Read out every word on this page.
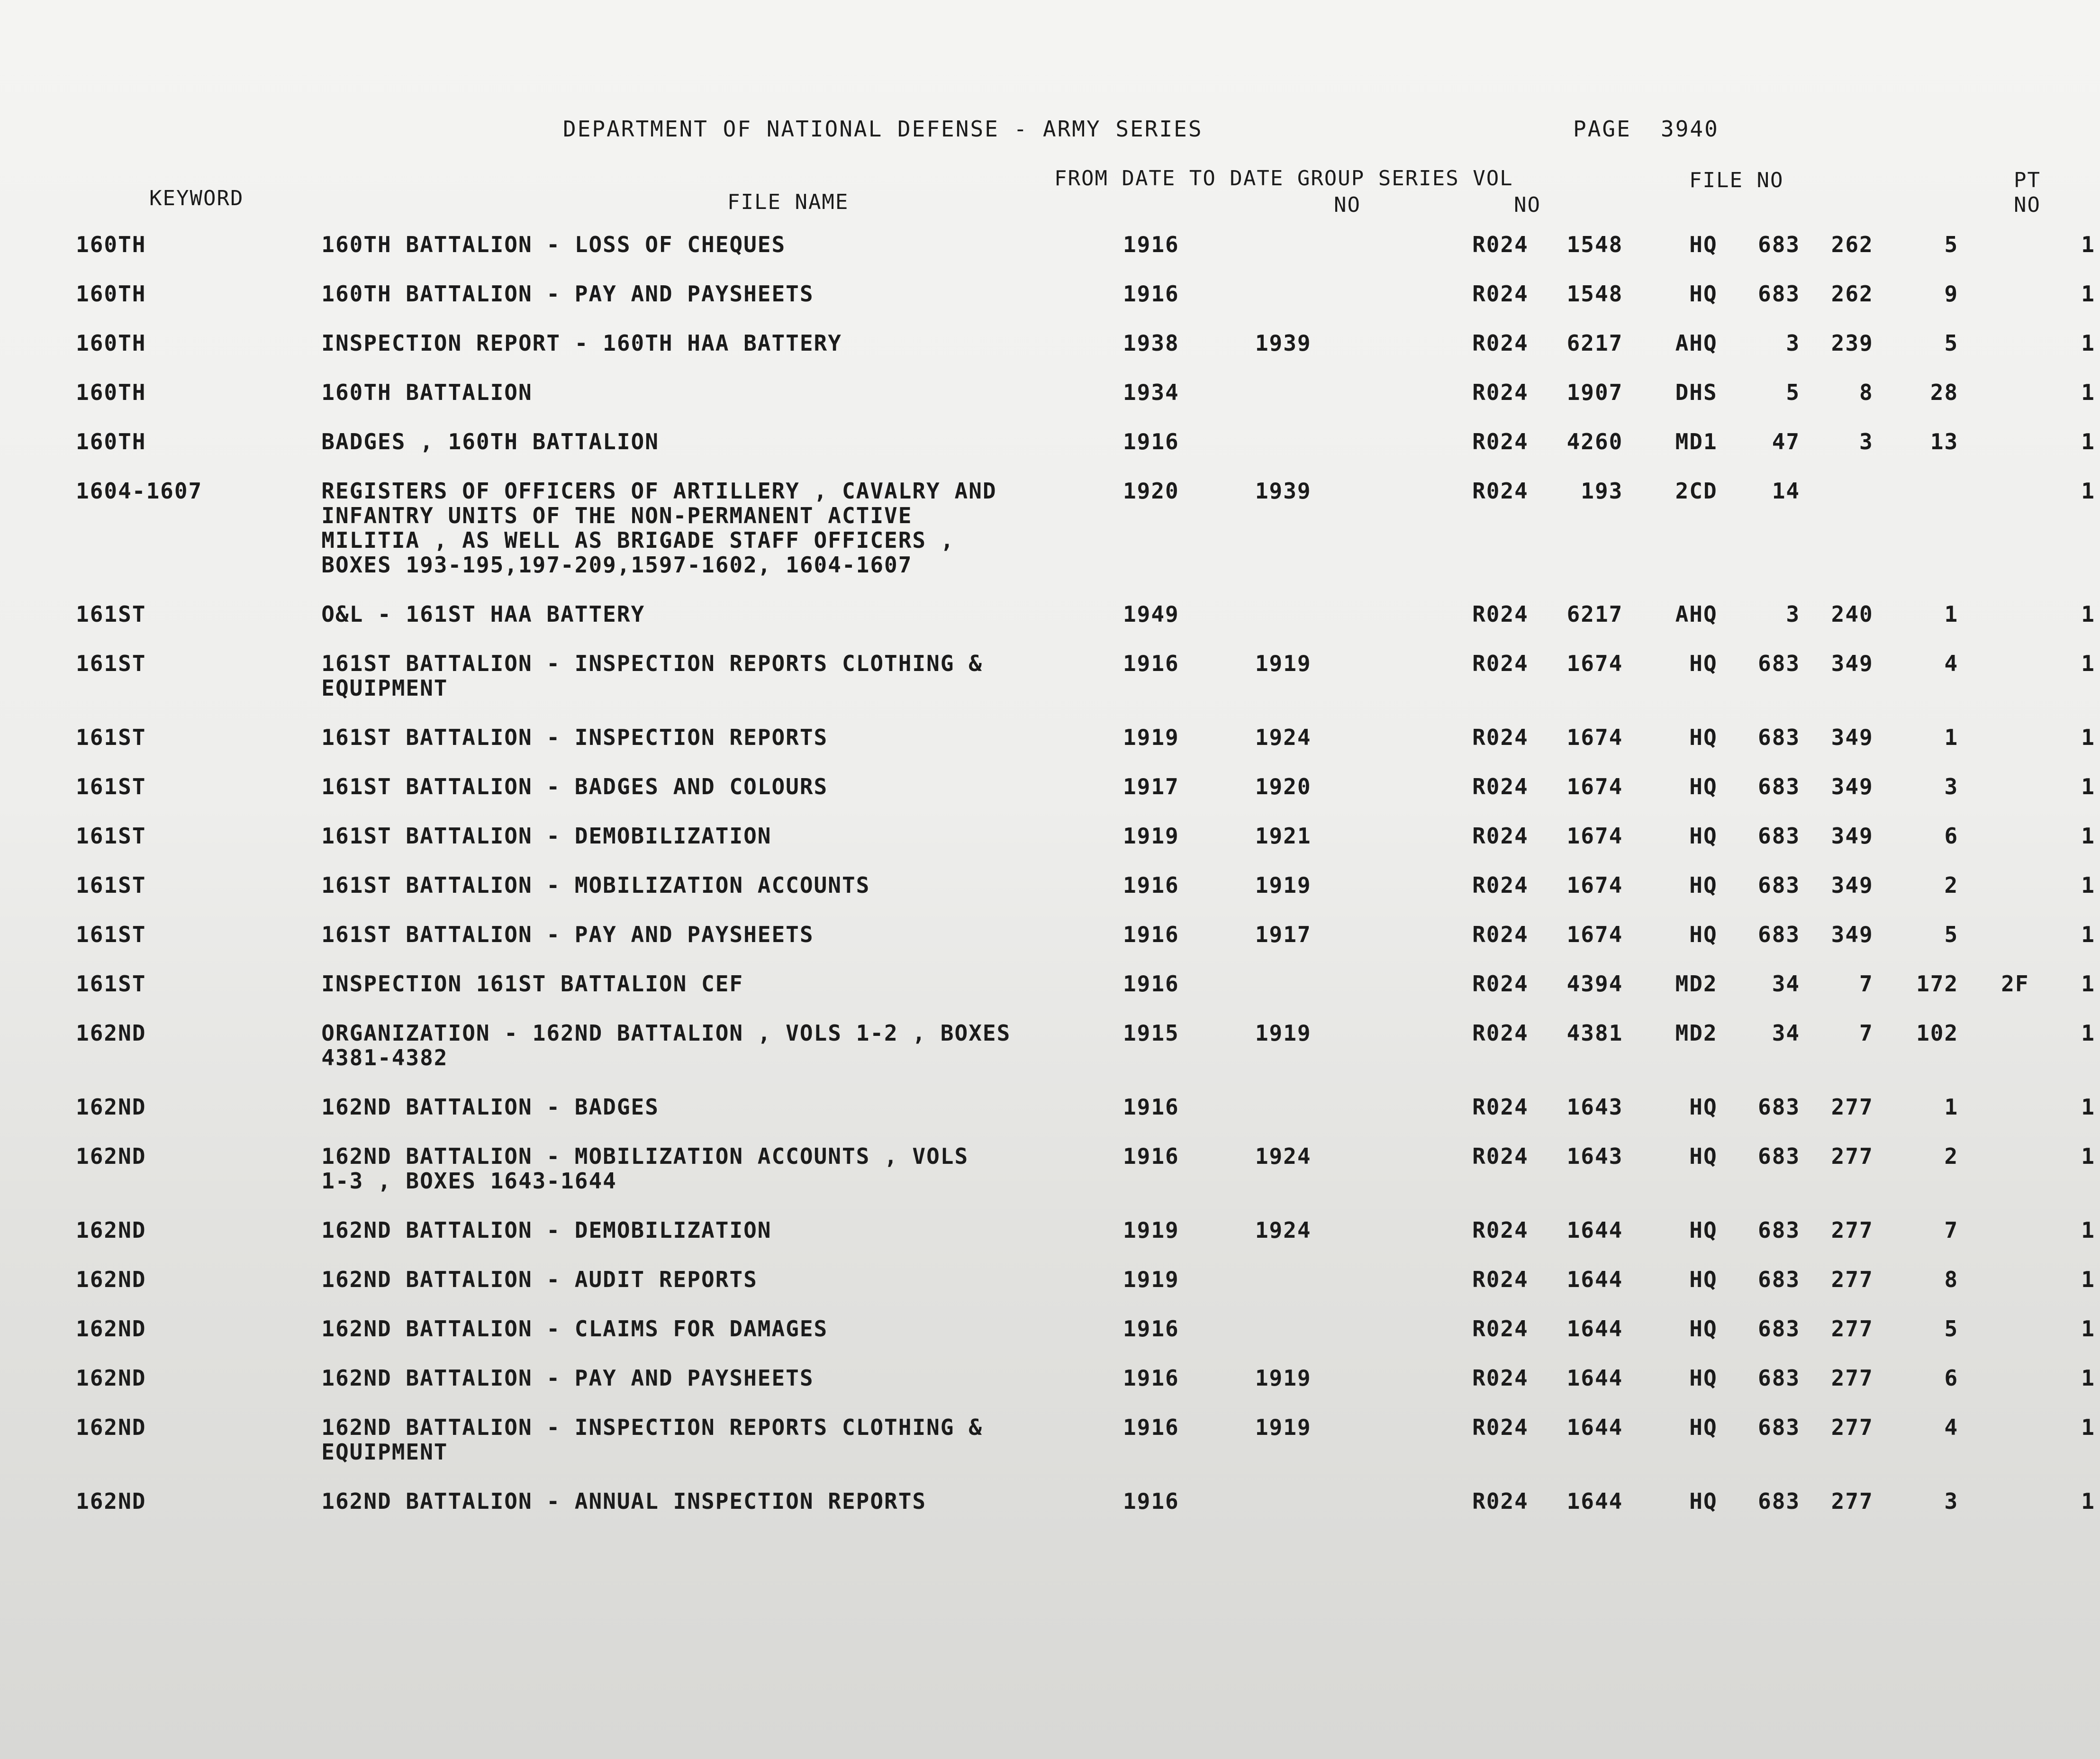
DEPARTMENT OF NATIONAL DEFENSE - ARMY SERIES	PAGE 3940
KEYWORD	FILE NAME
FROM DATE TO DATE GROUP SERIES VOL
NO	NO
FILE NO	PT
NO
160TH	160TH BATTALION - LOSS OF CHEQUES	1916			R024	1548	HQ	683	262	5		1
160TH	160TH BATTALION - PAY AND PAYSHEETS	1916			R024	1548	HQ	683	262	9		1
160TH	INSPECTION REPORT - 160TH HAA BATTERY	1938	1939		R024	6217	AHQ	3	239	5		1
160TH	160TH BATTALION	1934			R024	1907	DHS	5	8	28		1
160TH	BADGES , 160TH BATTALION	1916			R024	4260	MD1	47	3	13		1
1604-1607	REGISTERS OF OFFICERS OF ARTILLERY , CAVALRY AND
INFANTRY UNITS OF THE NON-PERMANENT ACTIVE
MILITIA , AS WELL AS BRIGADE STAFF OFFICERS ,
BOXES 193-195,197-209,1597-1602, 1604-1607	1920	1939		R024	193	2CD	14				1
161ST	O&L - 161ST HAA BATTERY	1949			R024	6217	AHQ	3	240	1		1
161ST	161ST BATTALION - INSPECTION REPORTS CLOTHING &
EQUIPMENT	1916	1919		R024	1674	HQ	683	349	4		1
161ST	161ST BATTALION - INSPECTION REPORTS	1919	1924		R024	1674	HQ	683	349	1		1
161ST	161ST BATTALION - BADGES AND COLOURS	1917	1920		R024	1674	HQ	683	349	3		1
161ST	161ST BATTALION - DEMOBILIZATION	1919	1921		R024	1674	HQ	683	349	6		1
161ST	161ST BATTALION - MOBILIZATION ACCOUNTS	1916	1919		R024	1674	HQ	683	349	2		1
161ST	161ST BATTALION - PAY AND PAYSHEETS	1916	1917		R024	1674	HQ	683	349	5		1
161ST	INSPECTION 161ST BATTALION CEF	1916			R024	4394	MD2	34	7	172	2F	1
162ND	ORGANIZATION - 162ND BATTALION , VOLS 1-2 , BOXES
4381-4382	1915	1919		R024	4381	MD2	34	7	102		1
162ND	162ND BATTALION - BADGES	1916			R024	1643	HQ	683	277	1		1
162ND	162ND BATTALION - MOBILIZATION ACCOUNTS , VOLS
1-3 , BOXES 1643-1644	1916	1924		R024	1643	HQ	683	277	2		1
162ND	162ND BATTALION - DEMOBILIZATION	1919	1924		R024	1644	HQ	683	277	7		1
162ND	162ND BATTALION - AUDIT REPORTS	1919			R024	1644	HQ	683	277	8		1
162ND	162ND BATTALION - CLAIMS FOR DAMAGES	1916			R024	1644	HQ	683	277	5		1
162ND	162ND BATTALION - PAY AND PAYSHEETS	1916	1919		R024	1644	HQ	683	277	6		1
162ND	162ND BATTALION - INSPECTION REPORTS CLOTHING &
EQUIPMENT	1916	1919		R024	1644	HQ	683	277	4		1
162ND	162ND BATTALION - ANNUAL INSPECTION REPORTS	1916			R024	1644	HQ	683	277	3		1
